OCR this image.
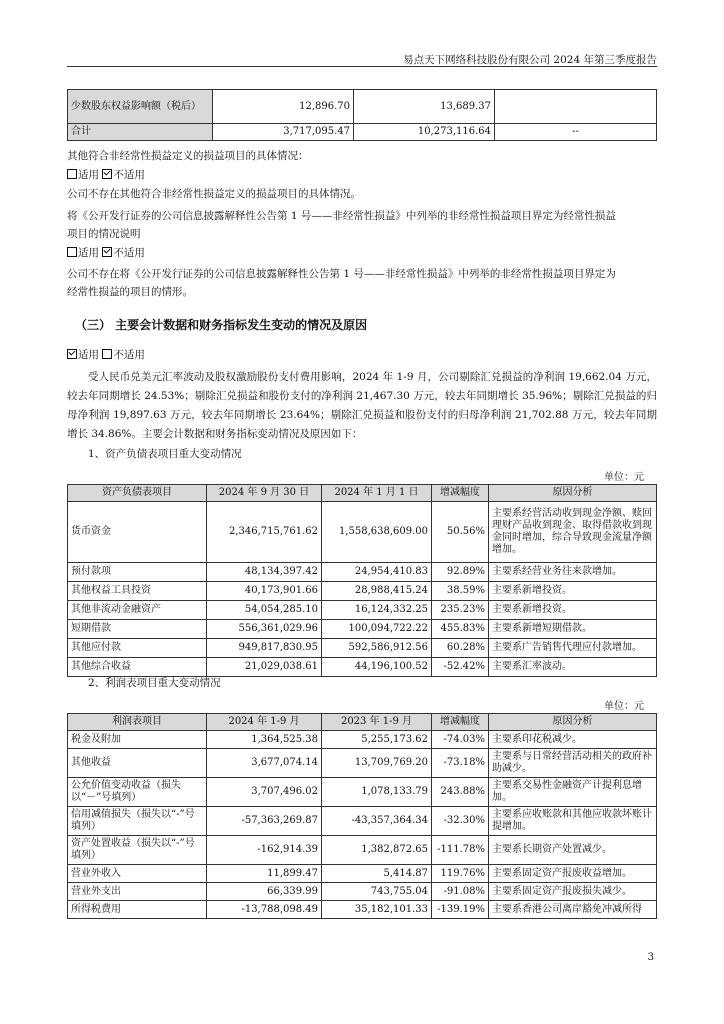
易点天下网络科技股份有限公司 2024 年第三季度报告
少数股东权益影响额（税后）	12,896.70	13,689.37	
合计	3,717,095.47	10,273,116.64	--
其他符合非经常性损益定义的损益项目的具体情况：
适用 不适用
公司不存在其他符合非经常性损益定义的损益项目的具体情况。
将《公开发行证券的公司信息披露解释性公告第 1 号——非经常性损益》中列举的非经常性损益项目界定为经常性损益
项目的情况说明
适用 不适用
公司不存在将《公开发行证券的公司信息披露解释性公告第 1 号——非经常性损益》中列举的非经常性损益项目界定为
经常性损益的项目的情形。
（三） 主要会计数据和财务指标发生变动的情况及原因
适用 不适用
受人民币兑美元汇率波动及股权激励股份支付费用影响，2024 年 1-9 月，公司剔除汇兑损益的净利润 19,662.04 万元，较去年同期增长 24.53%；剔除汇兑损益和股份支付的净利润 21,467.30 万元，较去年同期增长 35.96%；剔除汇兑损益的归母净利润 19,897.63 万元，较去年同期增长 23.64%；剔除汇兑损益和股份支付的归母净利润 21,702.88 万元，较去年同期增长 34.86%。主要会计数据和财务指标变动情况及原因如下：
1、资产负债表项目重大变动情况
单位：元
资产负债表项目	2024 年 9 月 30 日	2024 年 1 月 1 日	增减幅度	原因分析
货币资金	2,346,715,761.62	1,558,638,609.00	50.56%	主要系经营活动收到现金净额、赎回理财产品收到现金、取得借款收到现金同时增加，综合导致现金流量净额增加。
预付款项	48,134,397.42	24,954,410.83	92.89%	主要系经营业务往来款增加。
其他权益工具投资	40,173,901.66	28,988,415.24	38.59%	主要系新增投资。
其他非流动金融资产	54,054,285.10	16,124,332.25	235.23%	主要系新增投资。
短期借款	556,361,029.96	100,094,722.22	455.83%	主要系新增短期借款。
其他应付款	949,817,830.95	592,586,912.56	60.28%	主要系广告销售代理应付款增加。
其他综合收益	21,029,038.61	44,196,100.52	-52.42%	主要系汇率波动。
2、利润表项目重大变动情况
单位：元
利润表项目	2024 年 1-9 月	2023 年 1-9 月	增减幅度	原因分析
税金及附加	1,364,525.38	5,255,173.62	-74.03%	主要系印花税减少。
其他收益	3,677,074.14	13,709,769.20	-73.18%	主要系与日常经营活动相关的政府补助减少。
公允价值变动收益（损失以“－”号填列）	3,707,496.02	1,078,133.79	243.88%	主要系交易性金融资产计提利息增加。
信用减值损失（损失以“-”号填列）	-57,363,269.87	-43,357,364.34	-32.30%	主要系应收账款和其他应收款坏账计提增加。
资产处置收益（损失以“-”号填列）	-162,914.39	1,382,872.65	-111.78%	主要系长期资产处置减少。
营业外收入	11,899.47	5,414.87	119.76%	主要系固定资产报废收益增加。
营业外支出	66,339.99	743,755.04	-91.08%	主要系固定资产报废损失减少。
所得税费用	-13,788,098.49	35,182,101.33	-139.19%	主要系香港公司离岸豁免冲减所得
3
